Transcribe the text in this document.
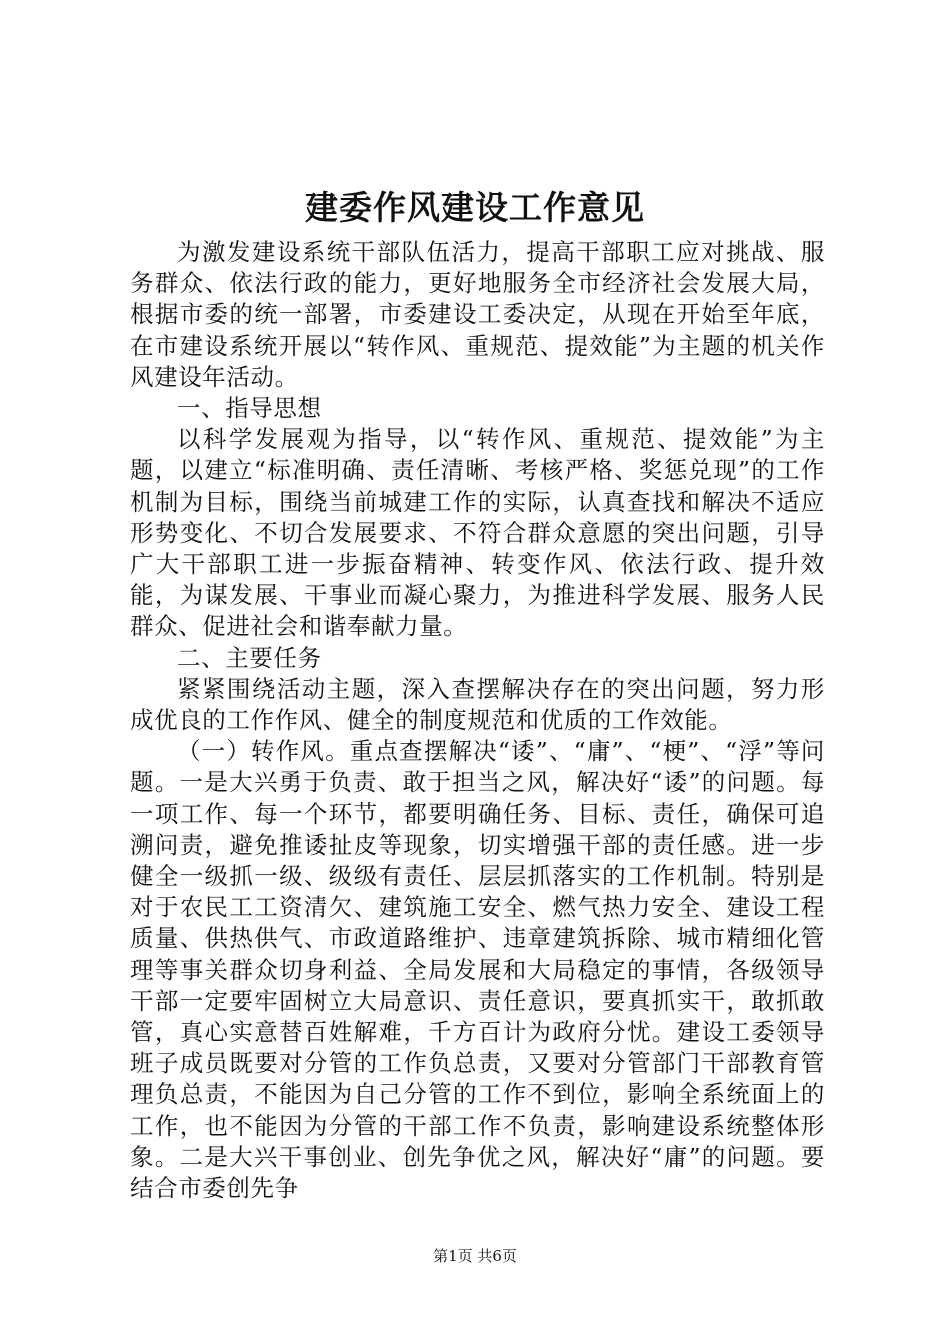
建委作风建设工作意见

为激发建设系统干部队伍活力，提高干部职工应对挑战、服务群众、依法行政的能力，更好地服务全市经济社会发展大局，根据市委的统一部署，市委建设工委决定，从现在开始至年底，在市建设系统开展以“转作风、重规范、提效能”为主题的机关作风建设年活动。

一、指导思想

以科学发展观为指导，以“转作风、重规范、提效能”为主题，以建立“标准明确、责任清晰、考核严格、奖惩兑现”的工作机制为目标，围绕当前城建工作的实际，认真查找和解决不适应形势变化、不切合发展要求、不符合群众意愿的突出问题，引导广大干部职工进一步振奋精神、转变作风、依法行政、提升效能，为谋发展、干事业而凝心聚力，为推进科学发展、服务人民群众、促进社会和谐奉献力量。

二、主要任务

紧紧围绕活动主题，深入查摆解决存在的突出问题，努力形成优良的工作作风、健全的制度规范和优质的工作效能。

（一）转作风。重点查摆解决“诿”、“庸”、“梗”、“浮”等问题。一是大兴勇于负责、敢于担当之风，解决好“诿”的问题。每一项工作、每一个环节，都要明确任务、目标、责任，确保可追溯问责，避免推诿扯皮等现象，切实增强干部的责任感。进一步健全一级抓一级、级级有责任、层层抓落实的工作机制。特别是对于农民工工资清欠、建筑施工安全、燃气热力安全、建设工程质量、供热供气、市政道路维护、违章建筑拆除、城市精细化管理等事关群众切身利益、全局发展和大局稳定的事情，各级领导干部一定要牢固树立大局意识、责任意识，要真抓实干，敢抓敢管，真心实意替百姓解难，千方百计为政府分忧。建设工委领导班子成员既要对分管的工作负总责，又要对分管部门干部教育管理负总责，不能因为自己分管的工作不到位，影响全系统面上的工作，也不能因为分管的干部工作不负责，影响建设系统整体形象。二是大兴干事创业、创先争优之风，解决好“庸”的问题。要结合市委创先争

第1页 共6页
